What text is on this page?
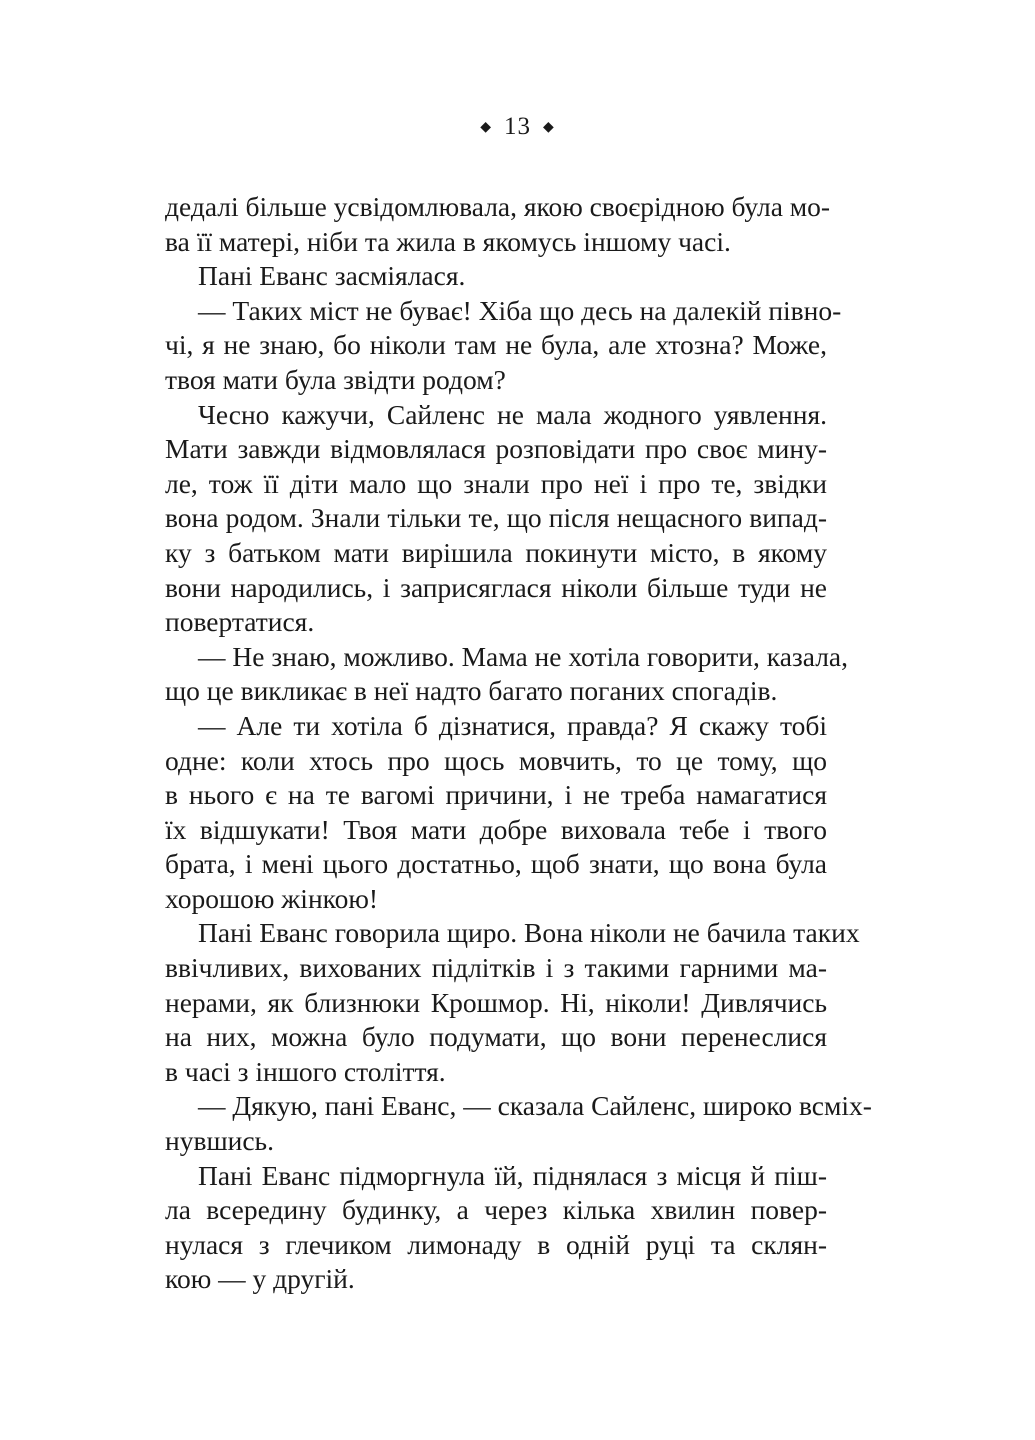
◆ 13 ◆
дедалі більше усвідомлювала, якою своєрідною була мо-
ва її матері, ніби та жила в якомусь іншому часі.
Пані Еванс засміялася.
— Таких міст не буває! Хіба що десь на далекій півно-
чі, я не знаю, бо ніколи там не була, але хтозна? Може,
твоя мати була звідти родом?
Чесно кажучи, Сайленс не мала жодного уявлення.
Мати завжди відмовлялася розповідати про своє мину-
ле, тож її діти мало що знали про неї і про те, звідки
вона родом. Знали тільки те, що після нещасного випад-
ку з батьком мати вирішила покинути місто, в якому
вони народились, і заприсяглася ніколи більше туди не
повертатися.
— Не знаю, можливо. Мама не хотіла говорити, казала,
що це викликає в неї надто багато поганих спогадів.
— Але ти хотіла б дізнатися, правда? Я скажу тобі
одне: коли хтось про щось мовчить, то це тому, що
в нього є на те вагомі причини, і не треба намагатися
їх відшукати! Твоя мати добре виховала тебе і твого
брата, і мені цього достатньо, щоб знати, що вона була
хорошою жінкою!
Пані Еванс говорила щиро. Вона ніколи не бачила таких
ввічливих, вихованих підлітків і з такими гарними ма-
нерами, як близнюки Крошмор. Ні, ніколи! Дивлячись
на них, можна було подумати, що вони перенеслися
в часі з іншого століття.
— Дякую, пані Еванс, — сказала Сайленс, широко всміх-
нувшись.
Пані Еванс підморгнула їй, піднялася з місця й піш-
ла всередину будинку, а через кілька хвилин повер-
нулася з глечиком лимонаду в одній руці та склян-
кою — у другій.
